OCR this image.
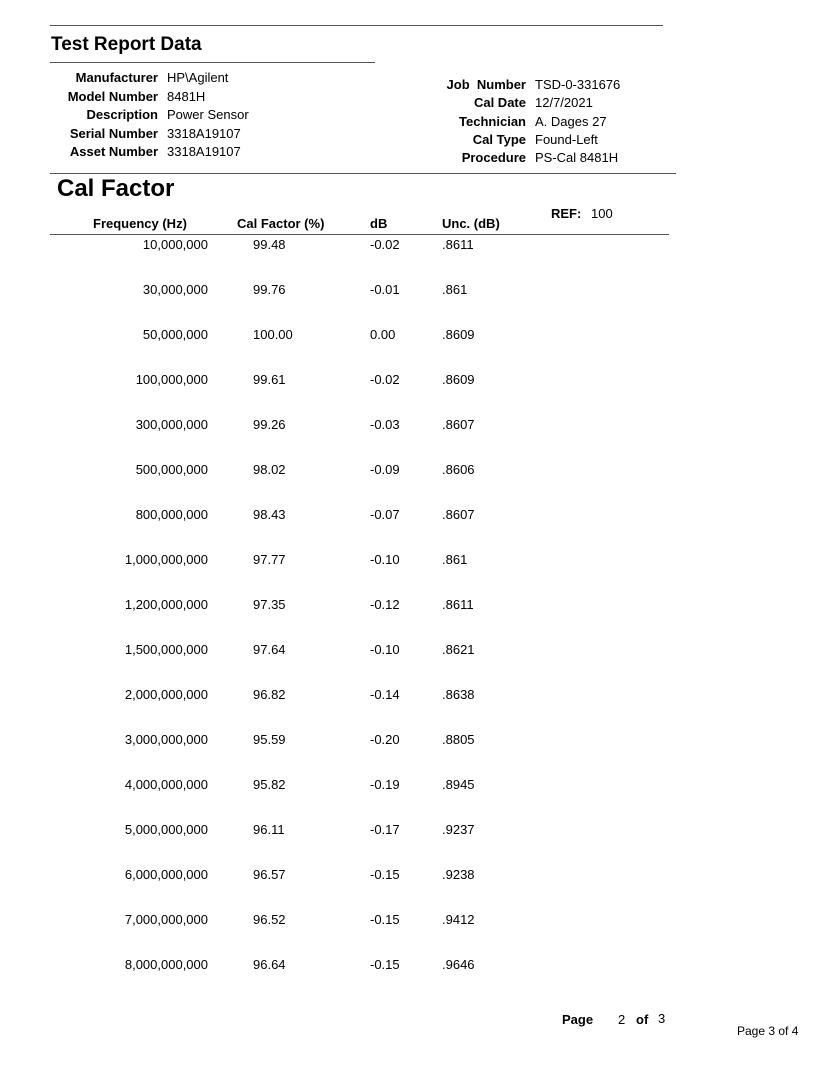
Test Report Data
Manufacturer HP\Agilent
Model Number 8481H
Description Power Sensor
Serial Number 3318A19107
Asset Number 3318A19107
Job  Number TSD-0-331676
Cal Date 12/7/2021
Technician A. Dages 27
Cal Type Found-Left
Procedure PS-Cal 8481H
Cal Factor
REF: 100
Frequency (Hz)	Cal Factor (%)	dB	Unc. (dB)
10,000,000	99.48	-0.02	.8611
30,000,000	99.76	-0.01	.861
50,000,000	100.00	0.00	.8609
100,000,000	99.61	-0.02	.8609
300,000,000	99.26	-0.03	.8607
500,000,000	98.02	-0.09	.8606
800,000,000	98.43	-0.07	.8607
1,000,000,000	97.77	-0.10	.861
1,200,000,000	97.35	-0.12	.8611
1,500,000,000	97.64	-0.10	.8621
2,000,000,000	96.82	-0.14	.8638
3,000,000,000	95.59	-0.20	.8805
4,000,000,000	95.82	-0.19	.8945
5,000,000,000	96.11	-0.17	.9237
6,000,000,000	96.57	-0.15	.9238
7,000,000,000	96.52	-0.15	.9412
8,000,000,000	96.64	-0.15	.9646
Page 2 of 3
Page 3 of 4
